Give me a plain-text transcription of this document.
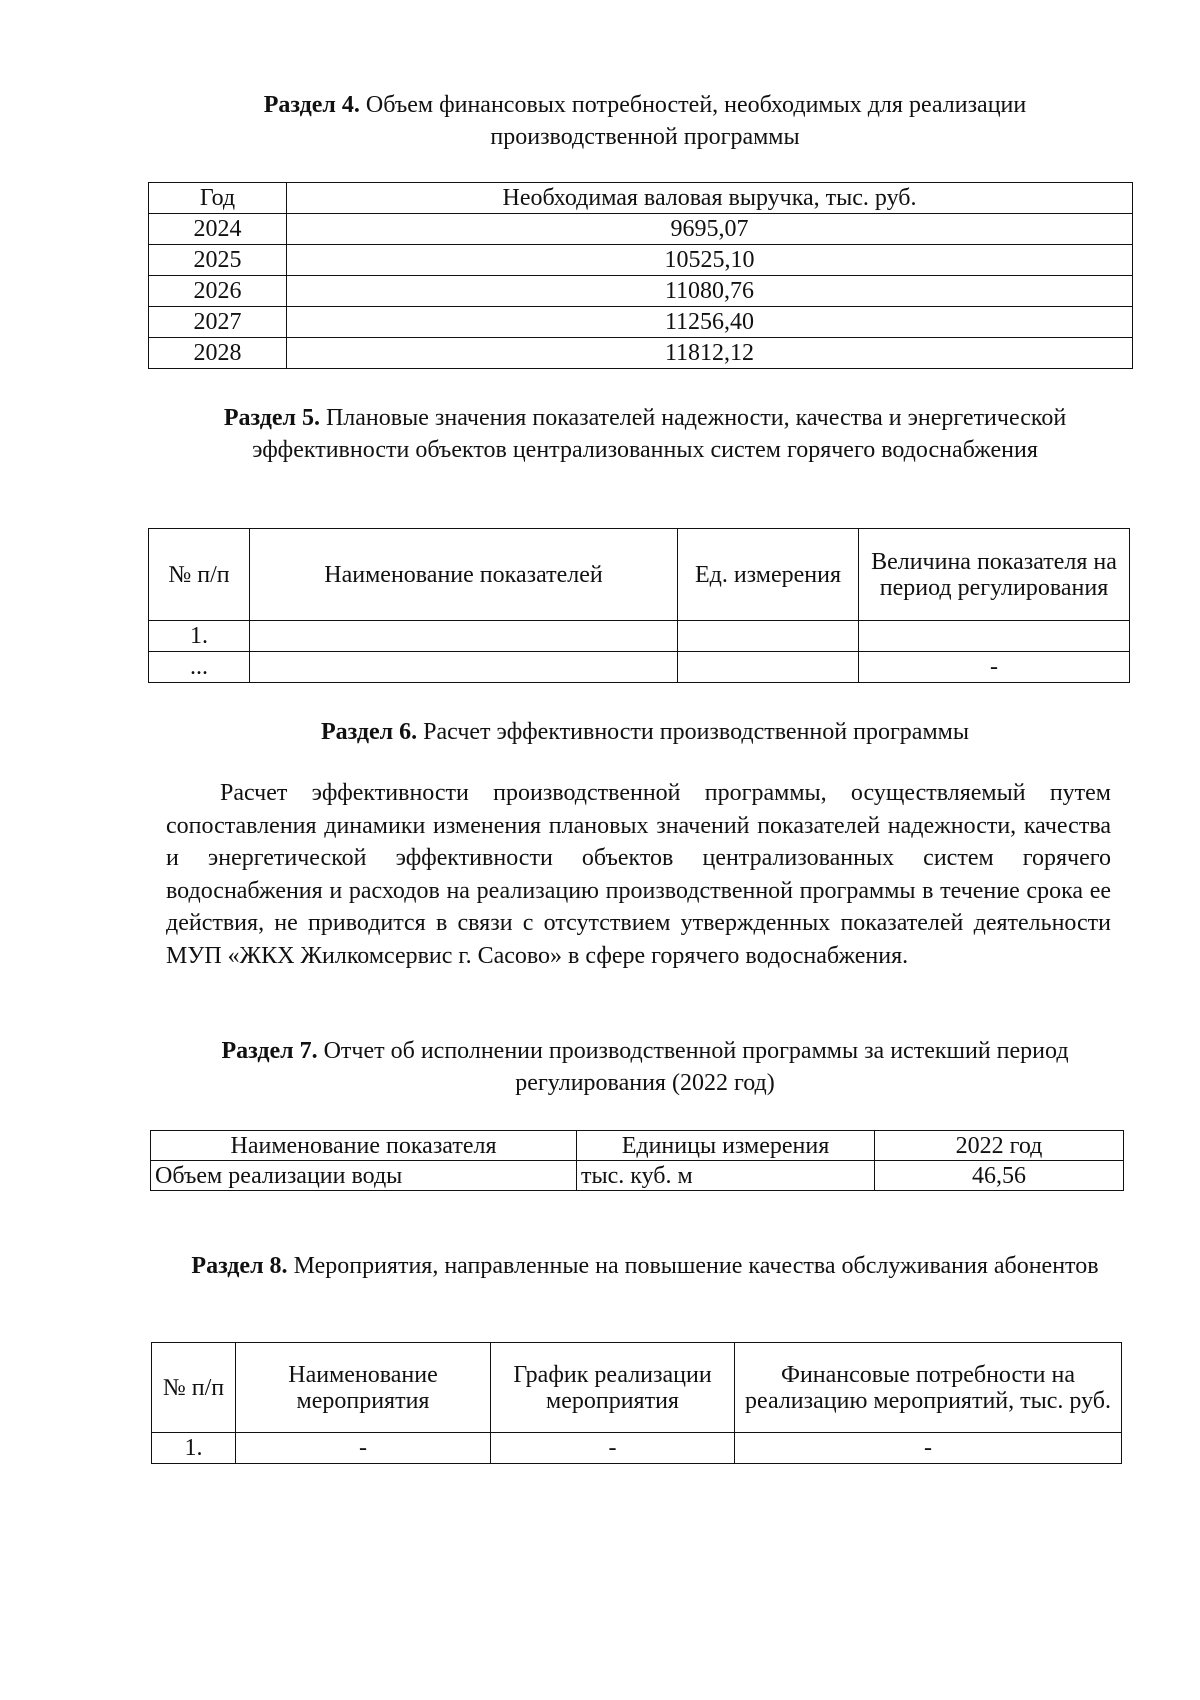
Раздел 4. Объем финансовых потребностей, необходимых для реализации производственной программы
Год	Необходимая валовая выручка, тыс. руб.
2024	9695,07
2025	10525,10
2026	11080,76
2027	11256,40
2028	11812,12
Раздел 5. Плановые значения показателей надежности, качества и энергетической эффективности объектов централизованных систем горячего водоснабжения
№ п/п	Наименование показателей	Ед. измерения	Величина показателя на период регулирования
1.			
...			-
Раздел 6. Расчет эффективности производственной программы
Расчет эффективности производственной программы, осуществляемый путем сопоставления динамики изменения плановых значений показателей надежности, качества и энергетической эффективности объектов централизованных систем горячего водоснабжения и расходов на реализацию производственной программы в течение срока ее действия, не приводится в связи с отсутствием утвержденных показателей деятельности МУП «ЖКХ Жилкомсервис г. Сасово» в сфере горячего водоснабжения.
Раздел 7. Отчет об исполнении производственной программы за истекший период регулирования (2022 год)
Наименование показателя	Единицы измерения	2022 год
Объем реализации воды	тыс. куб. м	46,56
Раздел 8. Мероприятия, направленные на повышение качества обслуживания абонентов
№ п/п	Наименование мероприятия	График реализации мероприятия	Финансовые потребности на реализацию мероприятий, тыс. руб.
1.	-	-	-
